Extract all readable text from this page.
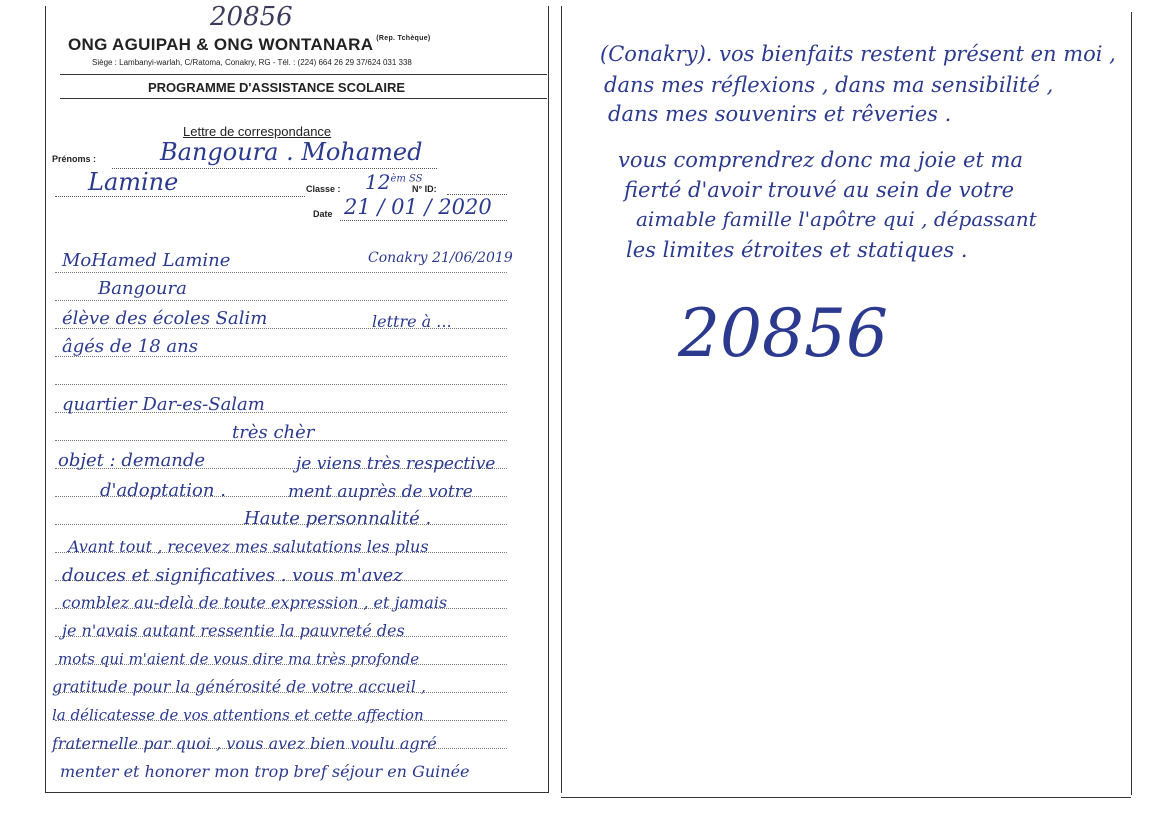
20856
ONG AGUIPAH & ONG WONTANARA $^{(Rep. Tchèque)}$
Siège : Lambanyi-warlah, C/Ratoma, Conakry, RG - Tél. : (224) 664 26 29 37/624 031 338
PROGRAMME D'ASSISTANCE SCOLAIRE
Lettre de correspondance
Prénoms :	Bangoura . Mohamed
Lamine	Classe : $12^{èm SS}$
N° ID:
Date 21 / 01 / 2020
MoHamed Lamine	Conakry 21/06/2019
Bangoura
élève des écoles Salim	lettre à ...
âgés de 18 ans
quartier Dar-es-Salam
très chèr
objet : demande	je viens très respective
d'adoptation .	ment auprès de votre
Haute personnalité .
Avant tout , recevez mes salutations les plus
douces et significatives . vous m'avez
comblez au-delà de toute expression , et jamais
je n'avais autant ressentie la pauvreté des
mots qui m'aient de vous dire ma très profonde
gratitude pour la générosité de votre accueil ,
la délicatesse de vos attentions et cette affection
fraternelle par quoi , vous avez bien voulu agré
menter et honorer mon trop bref séjour en Guinée
(Conakry). vos bienfaits restent présent en moi ,
dans mes réflexions , dans ma sensibilité ,
dans mes souvenirs et rêveries .
vous comprendrez donc ma joie et ma
fierté d'avoir trouvé au sein de votre
aimable famille l'apôtre qui , dépassant
les limites étroites et statiques .
20856
